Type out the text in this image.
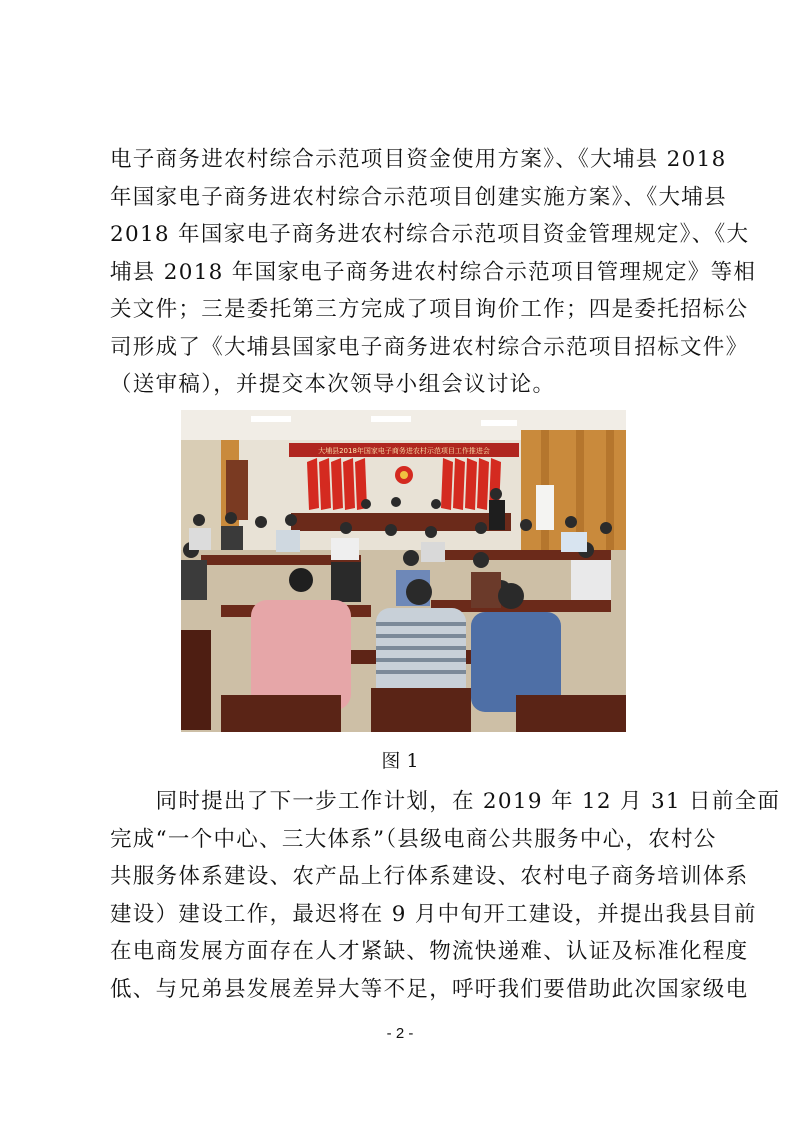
电子商务进农村综合示范项目资金使用方案》、《大埔县 2018
年国家电子商务进农村综合示范项目创建实施方案》、《大埔县
2018 年国家电子商务进农村综合示范项目资金管理规定》、《大
埔县 2018 年国家电子商务进农村综合示范项目管理规定》等相
关文件；三是委托第三方完成了项目询价工作；四是委托招标公
司形成了《大埔县国家电子商务进农村综合示范项目招标文件》
（送审稿），并提交本次领导小组会议讨论。
大埔县2018年国家电子商务进农村示范项目工作推进会
图 1
　　同时提出了下一步工作计划，在 2019 年 12 月 31 日前全面
完成“一个中心、三大体系”（县级电商公共服务中心，农村公
共服务体系建设、农产品上行体系建设、农村电子商务培训体系
建设）建设工作，最迟将在 9 月中旬开工建设，并提出我县目前
在电商发展方面存在人才紧缺、物流快递难、认证及标准化程度
低、与兄弟县发展差异大等不足，呼吁我们要借助此次国家级电
- 2 -
